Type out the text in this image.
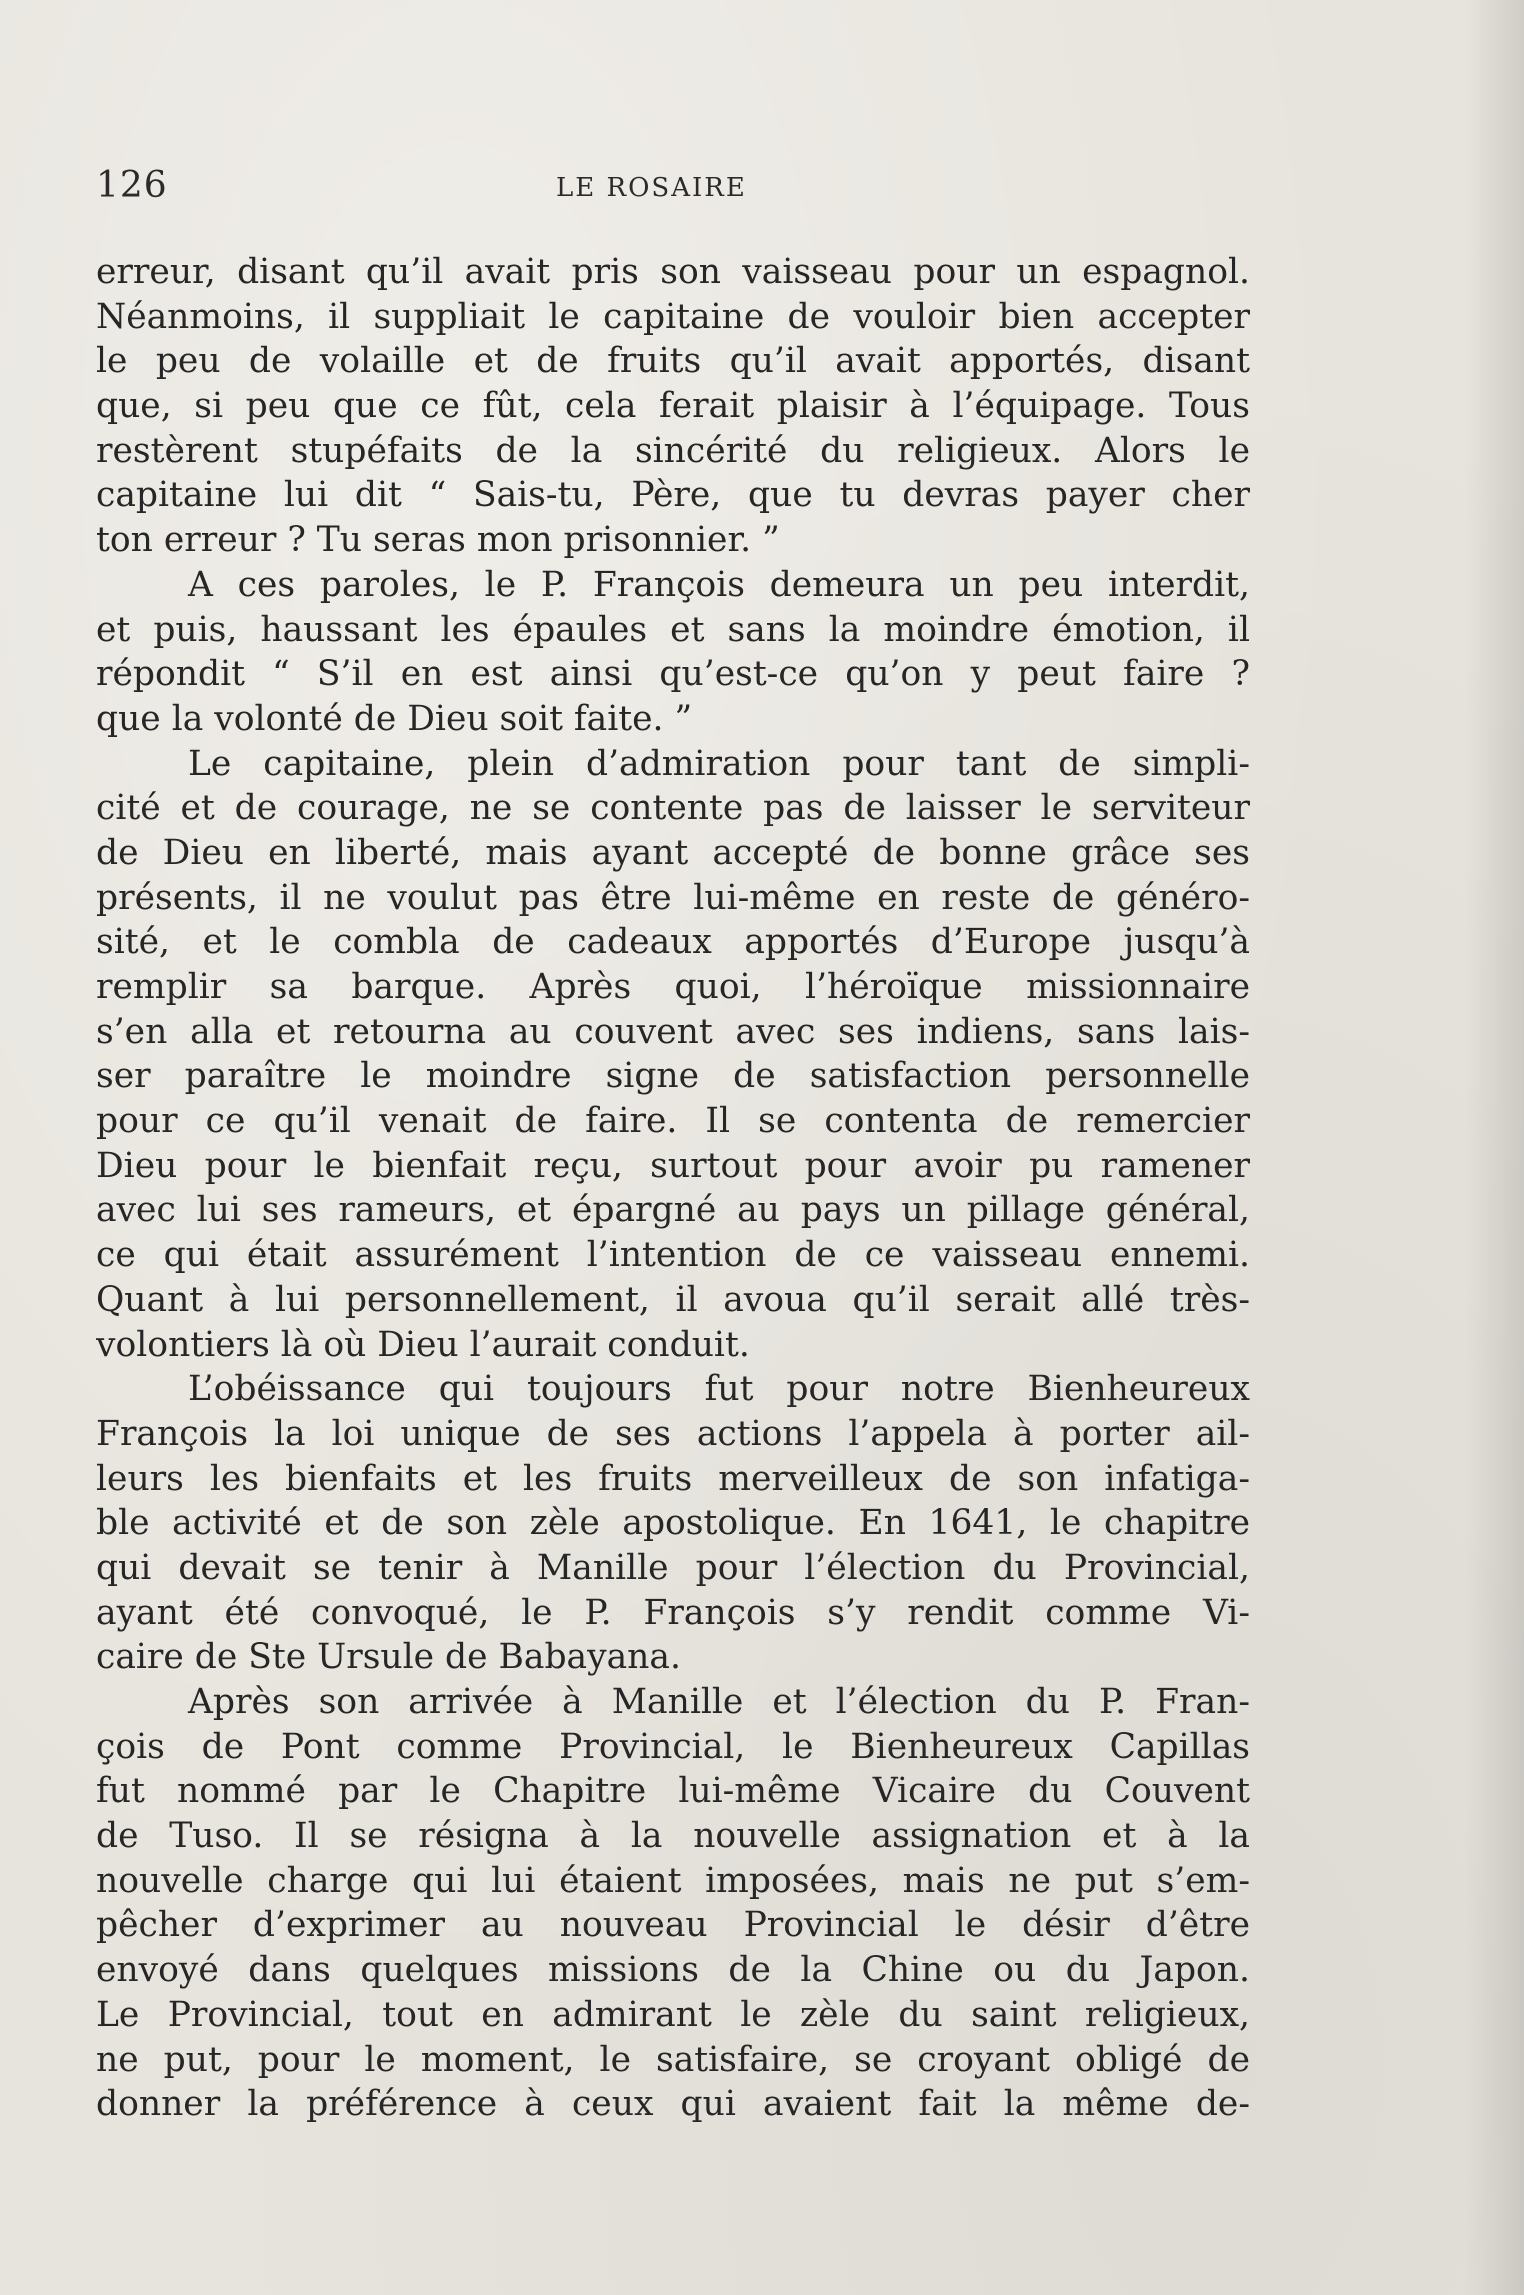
126	LE ROSAIRE
erreur, disant qu’il avait pris son vaisseau pour un espagnol.
Néanmoins, il suppliait le capitaine de vouloir bien accepter
le peu de volaille et de fruits qu’il avait apportés, disant
que, si peu que ce fût, cela ferait plaisir à l’équipage. Tous
restèrent stupéfaits de la sincérité du religieux. Alors le
capitaine lui dit “ Sais-tu, Père, que tu devras payer cher
ton erreur ? Tu seras mon prisonnier. ”
A ces paroles, le P. François demeura un peu interdit,
et puis, haussant les épaules et sans la moindre émotion, il
répondit “ S’il en est ainsi qu’est-ce qu’on y peut faire ?
que la volonté de Dieu soit faite. ”
Le capitaine, plein d’admiration pour tant de simpli-
cité et de courage, ne se contente pas de laisser le serviteur
de Dieu en liberté, mais ayant accepté de bonne grâce ses
présents, il ne voulut pas être lui-même en reste de généro-
sité, et le combla de cadeaux apportés d’Europe jusqu’à
remplir sa barque. Après quoi, l’héroïque missionnaire
s’en alla et retourna au couvent avec ses indiens, sans lais-
ser paraître le moindre signe de satisfaction personnelle
pour ce qu’il venait de faire. Il se contenta de remercier
Dieu pour le bienfait reçu, surtout pour avoir pu ramener
avec lui ses rameurs, et épargné au pays un pillage général,
ce qui était assurément l’intention de ce vaisseau ennemi.
Quant à lui personnellement, il avoua qu’il serait allé très-
volontiers là où Dieu l’aurait conduit.
L’obéissance qui toujours fut pour notre Bienheureux
François la loi unique de ses actions l’appela à porter ail-
leurs les bienfaits et les fruits merveilleux de son infatiga-
ble activité et de son zèle apostolique. En 1641, le chapitre
qui devait se tenir à Manille pour l’élection du Provincial,
ayant été convoqué, le P. François s’y rendit comme Vi-
caire de Ste Ursule de Babayana.
Après son arrivée à Manille et l’élection du P. Fran-
çois de Pont comme Provincial, le Bienheureux Capillas
fut nommé par le Chapitre lui-même Vicaire du Couvent
de Tuso. Il se résigna à la nouvelle assignation et à la
nouvelle charge qui lui étaient imposées, mais ne put s’em-
pêcher d’exprimer au nouveau Provincial le désir d’être
envoyé dans quelques missions de la Chine ou du Japon.
Le Provincial, tout en admirant le zèle du saint religieux,
ne put, pour le moment, le satisfaire, se croyant obligé de
donner la préférence à ceux qui avaient fait la même de-
